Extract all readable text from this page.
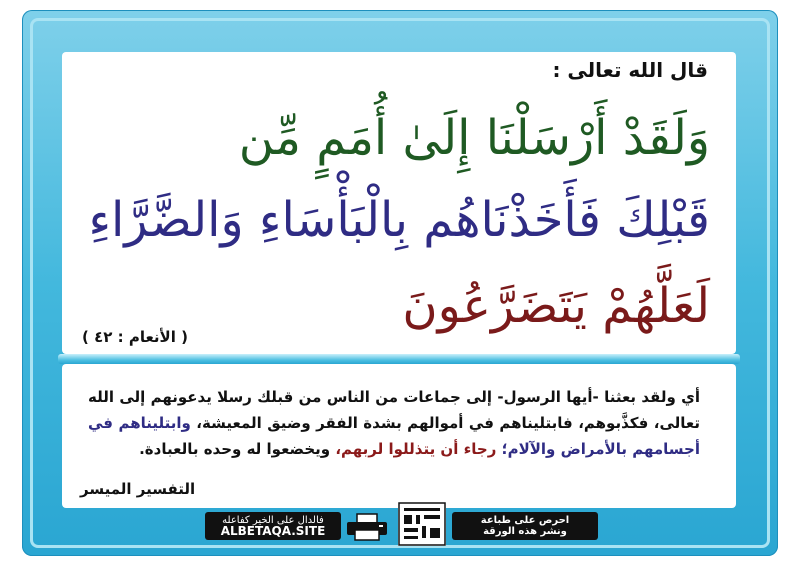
قال الله تعالى :
وَلَقَدْ أَرْسَلْنَا إِلَىٰ أُمَمٍ مِّن
قَبْلِكَ فَأَخَذْنَاهُم بِالْبَأْسَاءِ وَالضَّرَّاءِ
لَعَلَّهُمْ يَتَضَرَّعُونَ
( الأنعام : ٤٢ )
أي ولقد بعثنا -أيها الرسول- إلى جماعات من الناس من قبلك رسلا يدعونهم إلى الله تعالى، فكذَّبوهم، فابتليناهم في أموالهم بشدة الفقر وضيق المعيشة، وابتليناهم في أجسامهم بالأمراض والآلام؛ رجاء أن يتذللوا لربهم، ويخضعوا له وحده بالعبادة.
التفسير الميسر
احرص على طباعة
ونشر هذه الورقة
فالدال على الخير كفاعله
ALBETAQA.SITE
